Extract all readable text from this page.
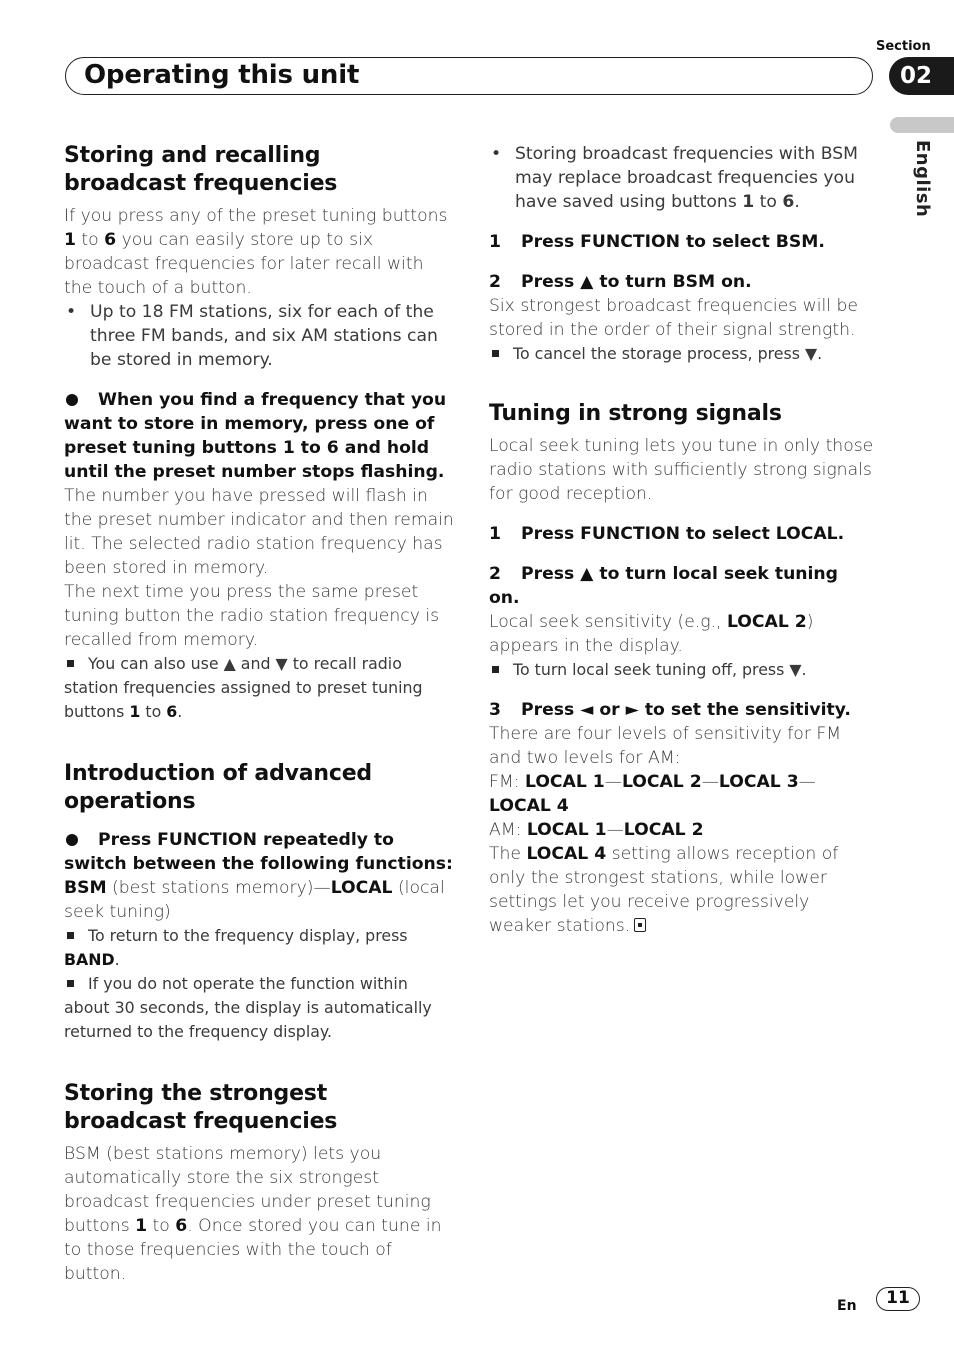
Operating this unit
Section
02
English
Storing and recalling broadcast frequencies
If you press any of the preset tuning buttons 1 to 6 you can easily store up to six broadcast frequencies for later recall with the touch of a button.
• Up to 18 FM stations, six for each of the three FM bands, and six AM stations can be stored in memory.
When you find a frequency that you want to store in memory, press one of preset tuning buttons 1 to 6 and hold until the preset number stops flashing.
The number you have pressed will flash in the preset number indicator and then remain lit. The selected radio station frequency has been stored in memory.
The next time you press the same preset tuning button the radio station frequency is recalled from memory.
You can also use ▲ and ▼ to recall radio station frequencies assigned to preset tuning buttons 1 to 6.
Introduction of advanced operations
Press FUNCTION repeatedly to switch between the following functions:
BSM (best stations memory)—LOCAL (local seek tuning)
To return to the frequency display, press BAND.
If you do not operate the function within about 30 seconds, the display is automatically returned to the frequency display.
Storing the strongest broadcast frequencies
BSM (best stations memory) lets you automatically store the six strongest broadcast frequencies under preset tuning buttons 1 to 6. Once stored you can tune in to those frequencies with the touch of button.
• Storing broadcast frequencies with BSM may replace broadcast frequencies you have saved using buttons 1 to 6.
1 Press FUNCTION to select BSM.
2 Press ▲ to turn BSM on.
Six strongest broadcast frequencies will be stored in the order of their signal strength.
To cancel the storage process, press ▼.
Tuning in strong signals
Local seek tuning lets you tune in only those radio stations with sufficiently strong signals for good reception.
1 Press FUNCTION to select LOCAL.
2 Press ▲ to turn local seek tuning on.
Local seek sensitivity (e.g., LOCAL 2) appears in the display.
To turn local seek tuning off, press ▼.
3 Press ◄ or ► to set the sensitivity.
There are four levels of sensitivity for FM and two levels for AM:
FM: LOCAL 1—LOCAL 2—LOCAL 3—LOCAL 4
AM: LOCAL 1—LOCAL 2
The LOCAL 4 setting allows reception of only the strongest stations, while lower settings let you receive progressively weaker stations.
En	11
